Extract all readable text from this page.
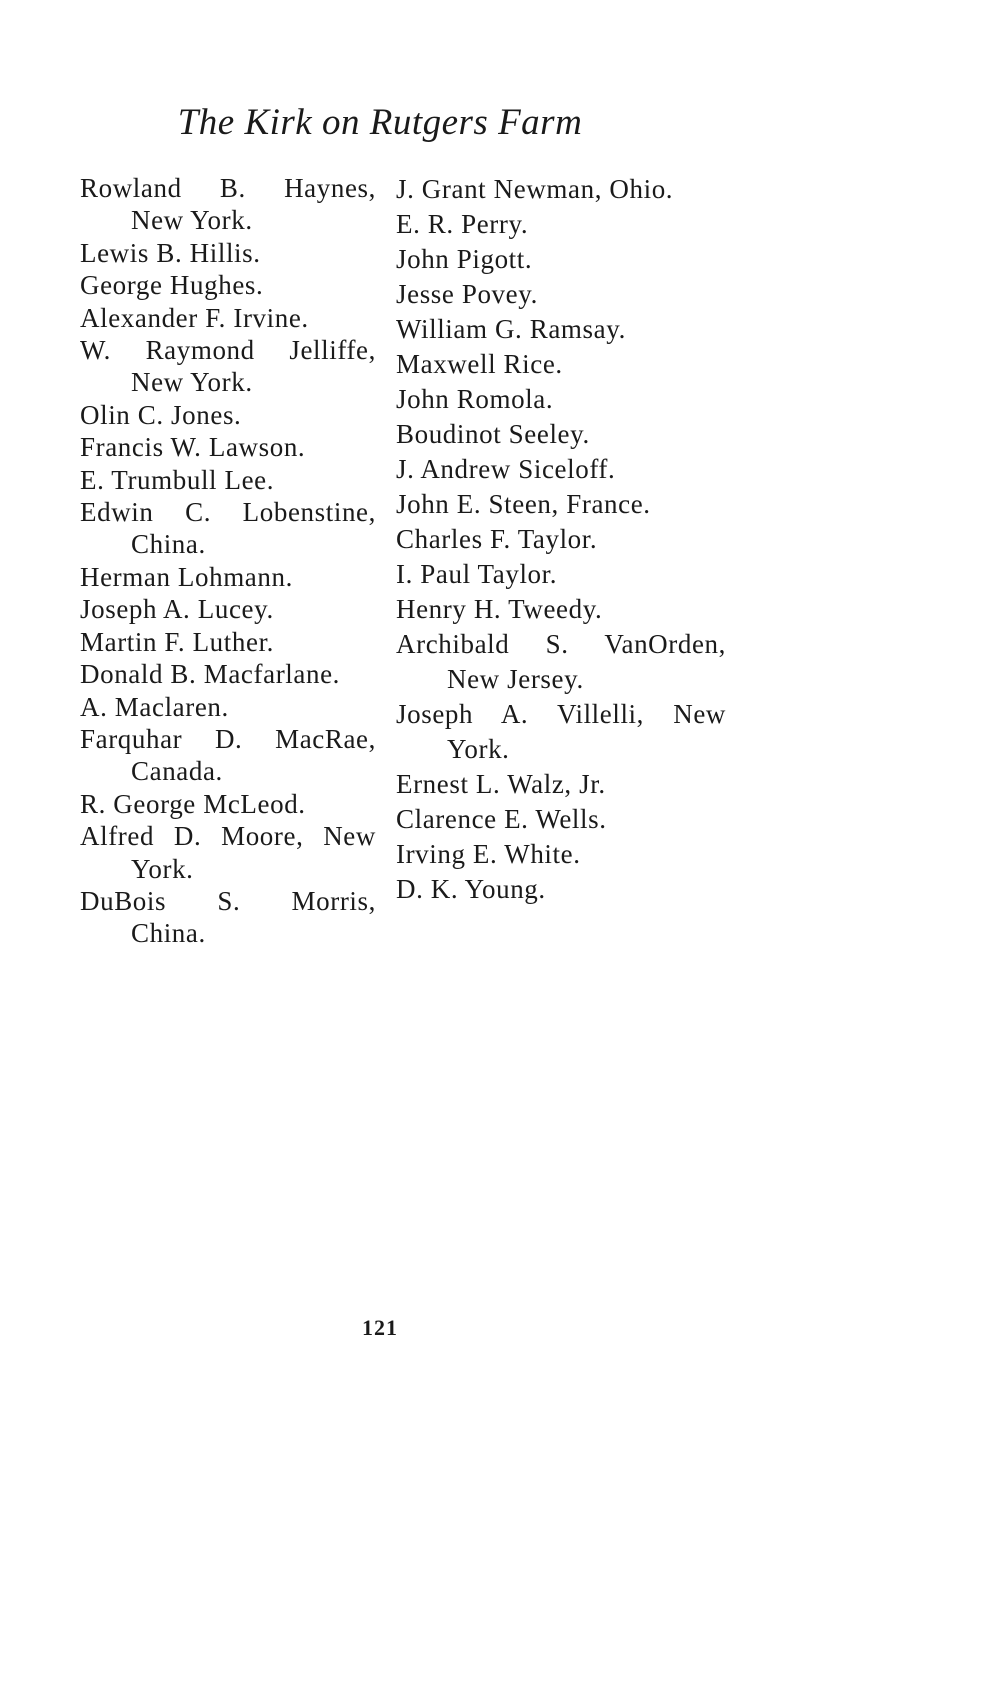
The Kirk on Rutgers Farm
Rowland B. Haynes,
New York.
Lewis B. Hillis.
George Hughes.
Alexander F. Irvine.
W. Raymond Jelliffe,
New York.
Olin C. Jones.
Francis W. Lawson.
E. Trumbull Lee.
Edwin C. Lobenstine,
China.
Herman Lohmann.
Joseph A. Lucey.
Martin F. Luther.
Donald B. Macfarlane.
A. Maclaren.
Farquhar D. MacRae,
Canada.
R. George McLeod.
Alfred D. Moore, New
York.
DuBois S. Morris,
China.
J. Grant Newman, Ohio.
E. R. Perry.
John Pigott.
Jesse Povey.
William G. Ramsay.
Maxwell Rice.
John Romola.
Boudinot Seeley.
J. Andrew Siceloff.
John E. Steen, France.
Charles F. Taylor.
I. Paul Taylor.
Henry H. Tweedy.
Archibald S. VanOrden,
New Jersey.
Joseph A. Villelli, New
York.
Ernest L. Walz, Jr.
Clarence E. Wells.
Irving E. White.
D. K. Young.
121
